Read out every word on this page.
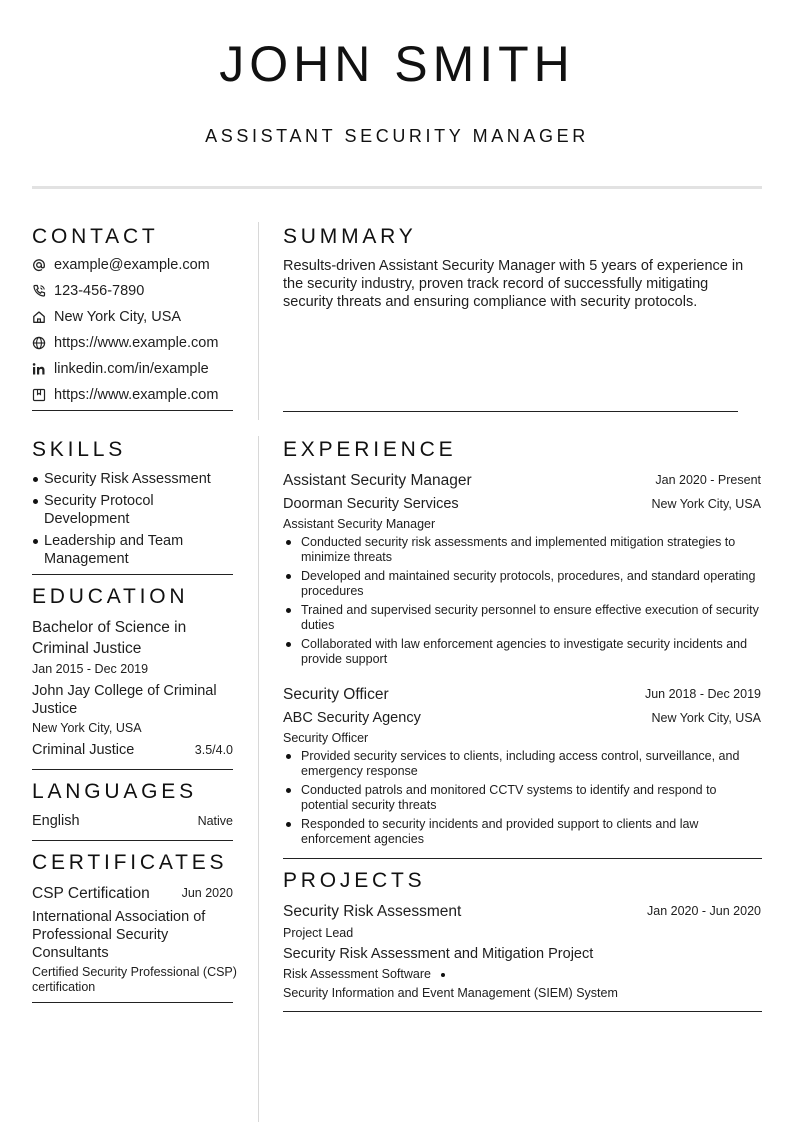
JOHN SMITH
ASSISTANT SECURITY MANAGER
CONTACT
example@example.com
123-456-7890
New York City, USA
https://www.example.com
linkedin.com/in/example
https://www.example.com
SKILLS
Security Risk Assessment
Security Protocol Development
Leadership and Team Management
EDUCATION
Bachelor of Science in Criminal Justice
Jan 2015 - Dec 2019
John Jay College of Criminal Justice
New York City, USA
Criminal Justice	3.5/4.0
LANGUAGES
English	Native
CERTIFICATES
CSP Certification	Jun 2020
International Association of Professional Security Consultants
Certified Security Professional (CSP) certification
SUMMARY
Results-driven Assistant Security Manager with 5 years of experience in the security industry, proven track record of successfully mitigating security threats and ensuring compliance with security protocols.
EXPERIENCE
Assistant Security Manager	Jan 2020 - Present
Doorman Security Services	New York City, USA
Assistant Security Manager
Conducted security risk assessments and implemented mitigation strategies to minimize threats
Developed and maintained security protocols, procedures, and standard operating procedures
Trained and supervised security personnel to ensure effective execution of security duties
Collaborated with law enforcement agencies to investigate security incidents and provide support
Security Officer	Jun 2018 - Dec 2019
ABC Security Agency	New York City, USA
Security Officer
Provided security services to clients, including access control, surveillance, and emergency response
Conducted patrols and monitored CCTV systems to identify and respond to potential security threats
Responded to security incidents and provided support to clients and law enforcement agencies
PROJECTS
Security Risk Assessment	Jan 2020 - Jun 2020
Project Lead
Security Risk Assessment and Mitigation Project
Risk Assessment Software
Security Information and Event Management (SIEM) System
